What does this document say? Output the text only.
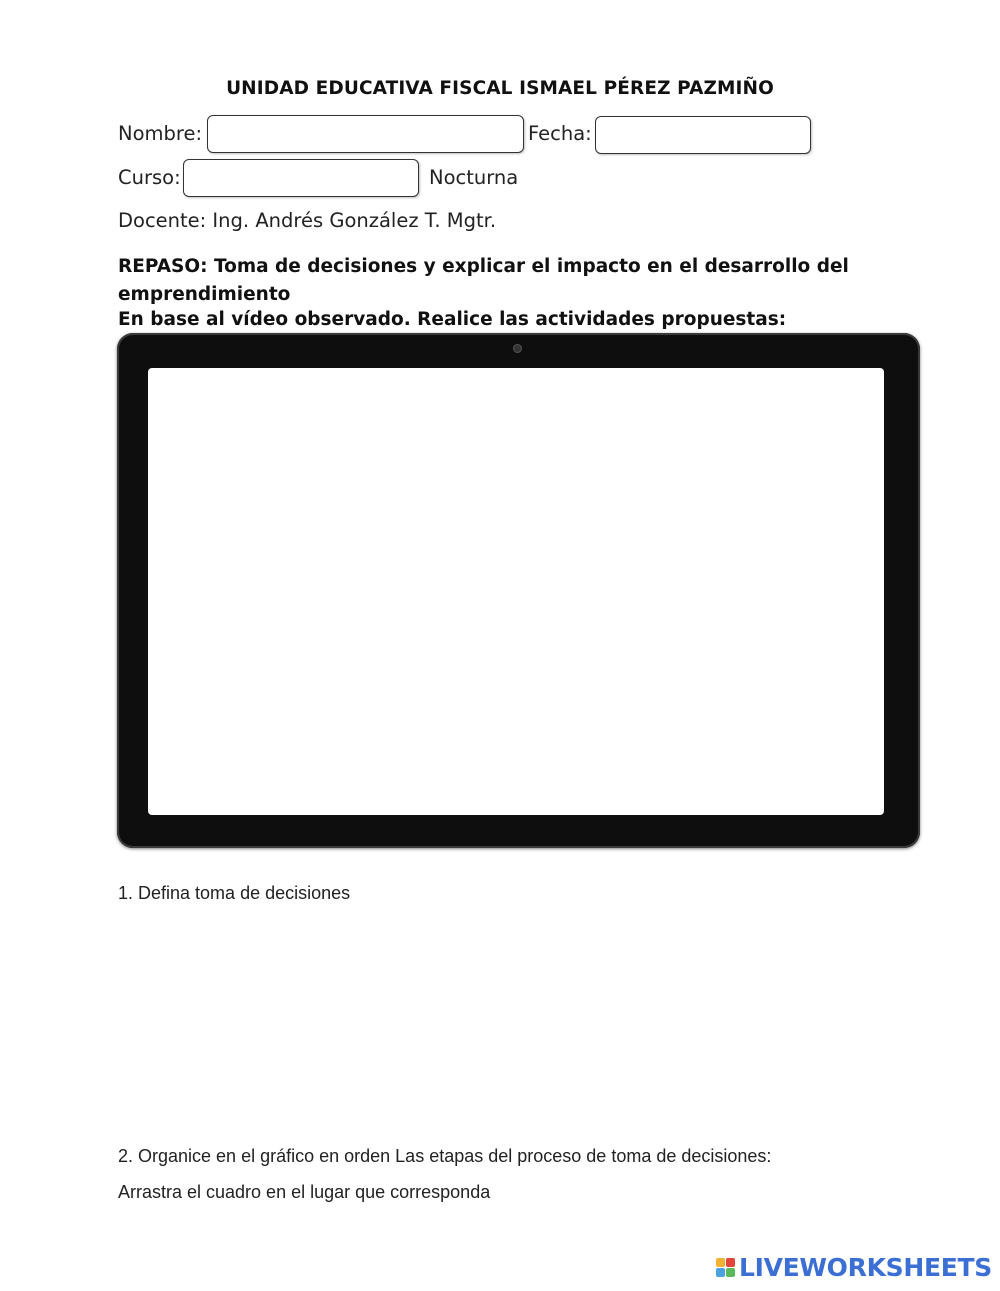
UNIDAD EDUCATIVA FISCAL ISMAEL PÉREZ PAZMIÑO
Nombre:	Fecha:
Curso:	Nocturna
Docente: Ing. Andrés González T. Mgtr.
REPASO: Toma de decisiones y explicar el impacto en el desarrollo del emprendimiento
En base al vídeo observado. Realice las actividades propuestas:
1. Defina toma de decisiones
2. Organice en el gráfico en orden Las etapas del proceso de toma de decisiones:
Arrastra el cuadro en el lugar que corresponda
LIVEWORKSHEETS
